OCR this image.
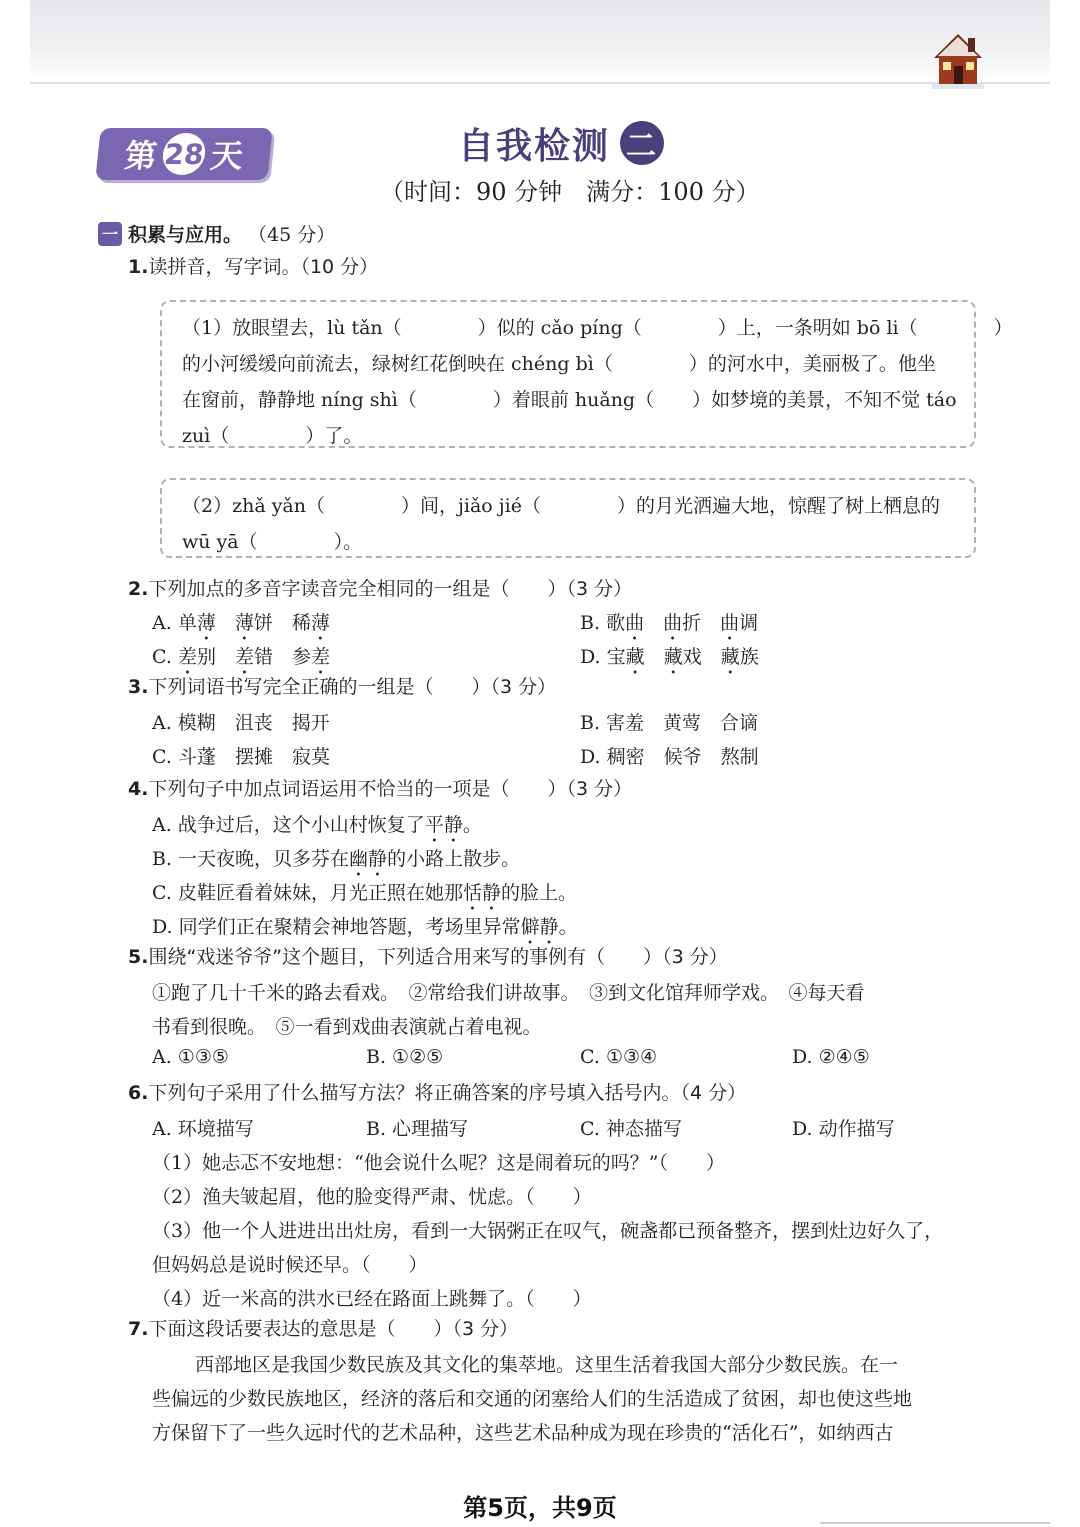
第 28 天	自我检测 二
（时间：90 分钟　满分：100 分）
一 积累与应用。 （45 分）
1.读拼音，写字词。（10 分）
（1）放眼望去，lù tǎn（　　　　）似的 cǎo píng（　　　　）上，一条明如 bō li（　　　　）
的小河缓缓向前流去，绿树红花倒映在 chéng bì（　　　　）的河水中，美丽极了。他坐
在窗前，静静地 níng shì（　　　　）着眼前 huǎng（　　）如梦境的美景，不知不觉 táo
zuì（　　　　）了。
（2）zhǎ yǎn（　　　　）间，jiǎo jié（　　　　）的月光洒遍大地，惊醒了树上栖息的
wū yā（　　　　）。
2.下列加点的多音字读音完全相同的一组是（　　）（3 分）
A. 单薄　 薄饼　 稀薄	B. 歌曲　 曲折　 曲调
C. 差别　 差错　 参差	D. 宝藏　 藏戏　 藏族
3.下列词语书写完全正确的一组是（　　）（3 分）
A. 模糊　沮丧　揭开	B. 害羞　黄莺　合谪
C. 斗蓬　摆摊　寂莫	D. 稠密　候爷　熬制
4.下列句子中加点词语运用不恰当的一项是（　　）（3 分）
A. 战争过后，这个小山村恢复了平静。
B. 一天夜晚，贝多芬在幽静的小路上散步。
C. 皮鞋匠看着妹妹，月光正照在她那恬静的脸上。
D. 同学们正在聚精会神地答题，考场里异常僻静。
5.围绕“戏迷爷爷”这个题目，下列适合用来写的事例有（　　）（3 分）
①跑了几十千米的路去看戏。　②常给我们讲故事。　③到文化馆拜师学戏。　④每天看
书看到很晚。　⑤一看到戏曲表演就占着电视。
A. ①③⑤	B. ①②⑤	C. ①③④	D. ②④⑤
6.下列句子采用了什么描写方法？将正确答案的序号填入括号内。（4 分）
A. 环境描写	B. 心理描写	C. 神态描写	D. 动作描写
（1）她忐忑不安地想：“他会说什么呢？这是闹着玩的吗？”（　　）
（2）渔夫皱起眉，他的脸变得严肃、忧虑。（　　）
（3）他一个人进进出出灶房，看到一大锅粥正在叹气，碗盏都已预备整齐，摆到灶边好久了，
但妈妈总是说时候还早。（　　）
（4）近一米高的洪水已经在路面上跳舞了。（　　）
7.下面这段话要表达的意思是（　　）（3 分）
西部地区是我国少数民族及其文化的集萃地。这里生活着我国大部分少数民族。在一
些偏远的少数民族地区，经济的落后和交通的闭塞给人们的生活造成了贫困，却也使这些地
方保留下了一些久远时代的艺术品种，这些艺术品种成为现在珍贵的“活化石”，如纳西古
第5页，共9页
